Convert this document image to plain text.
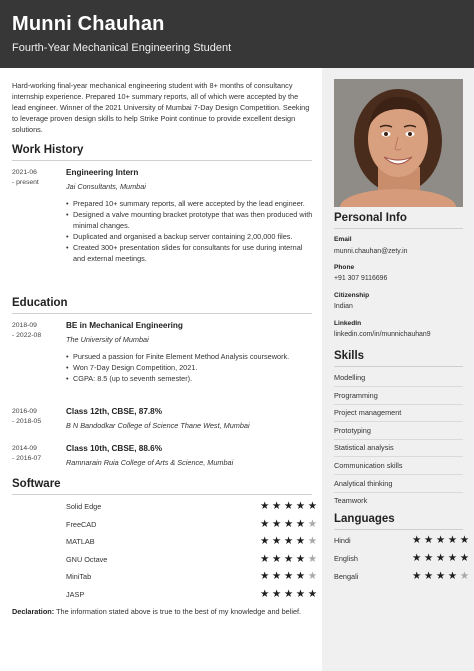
Munni Chauhan
Fourth-Year Mechanical Engineering Student

Hard-working final-year mechanical engineering student with 8+ months of consultancy internship experience. Prepared 10+ summary reports, all of which were accepted by the lead engineer. Winner of the 2021 University of Mumbai 7-Day Design Competition. Seeking to leverage proven design skills to help Strike Point continue to provide excellent design solutions.

Work History
2021-06
- present
Engineering Intern
Jai Consultants, Mumbai
• Prepared 10+ summary reports, all were accepted by the lead engineer.
• Designed a valve mounting bracket prototype that was then produced with minimal changes.
• Duplicated and organised a backup server containing 2,00,000 files.
• Created 300+ presentation slides for consultants for use during internal and external meetings.
Education
2018-09
- 2022-08
BE in Mechanical Engineering
The University of Mumbai
• Pursued a passion for Finite Element Method Analysis coursework.
• Won 7-Day Design Competition, 2021.
• CGPA: 8.5 (up to seventh semester).
2016-09
- 2018-05
Class 12th, CBSE, 87.8%
B N Bandodkar College of Science Thane West, Mumbai
2014-09
- 2016-07
Class 10th, CBSE, 88.6%
Ramnarain Ruia College of Arts & Science, Mumbai
Software
Solid Edge	★ ★ ★ ★ ★
FreeCAD	★ ★ ★ ★ ★
MATLAB	★ ★ ★ ★ ★
GNU Octave	★ ★ ★ ★ ★
MiniTab	★ ★ ★ ★ ★
JASP	★ ★ ★ ★ ★

Declaration: The information stated above is true to the best of my knowledge and belief.

Personal Info
Email
munni.chauhan@zety.in
Phone
+91 307 9116696
Citizenship
Indian
LinkedIn
linkedin.com/in/munnichauhan9
Skills
Modelling
Programming
Project management
Prototyping
Statistical analysis
Communication skills
Analytical thinking
Teamwork
Languages
Hindi	★ ★ ★ ★ ★
English	★ ★ ★ ★ ★
Bengali	★ ★ ★ ★ ★
